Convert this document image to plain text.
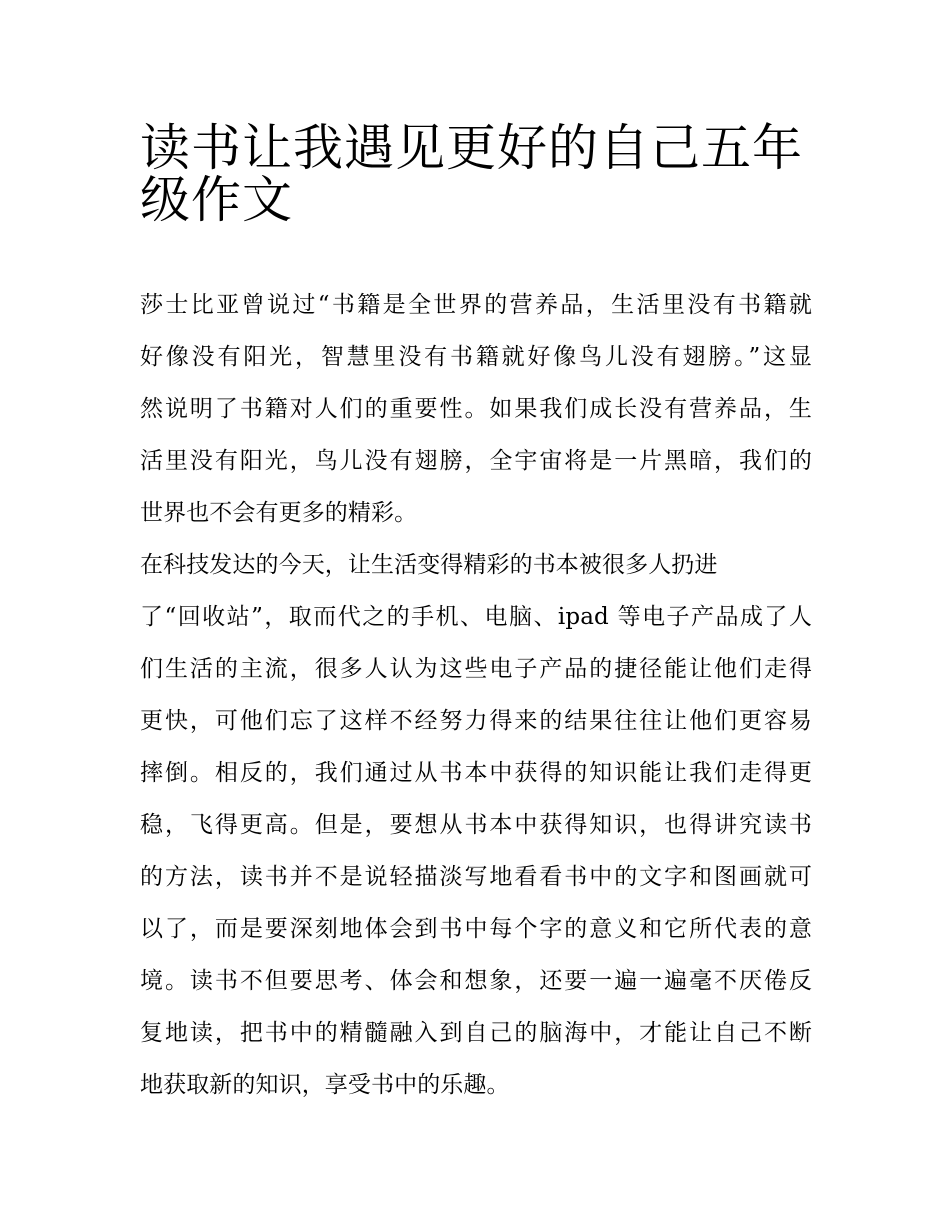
读书让我遇见更好的自己五年
级作文

莎士比亚曾说过“书籍是全世界的营养品，生活里没有书籍就
好像没有阳光，智慧里没有书籍就好像鸟儿没有翅膀。”这显
然说明了书籍对人们的重要性。如果我们成长没有营养品，生
活里没有阳光，鸟儿没有翅膀，全宇宙将是一片黑暗，我们的
世界也不会有更多的精彩。

在科技发达的今天，让生活变得精彩的书本被很多人扔进
了“回收站”，取而代之的手机、电脑、ipad 等电子产品成了人
们生活的主流，很多人认为这些电子产品的捷径能让他们走得
更快，可他们忘了这样不经努力得来的结果往往让他们更容易
摔倒。相反的，我们通过从书本中获得的知识能让我们走得更
稳，飞得更高。但是，要想从书本中获得知识，也得讲究读书
的方法，读书并不是说轻描淡写地看看书中的文字和图画就可
以了，而是要深刻地体会到书中每个字的意义和它所代表的意
境。读书不但要思考、体会和想象，还要一遍一遍毫不厌倦反
复地读，把书中的精髓融入到自己的脑海中，才能让自己不断
地获取新的知识，享受书中的乐趣。
